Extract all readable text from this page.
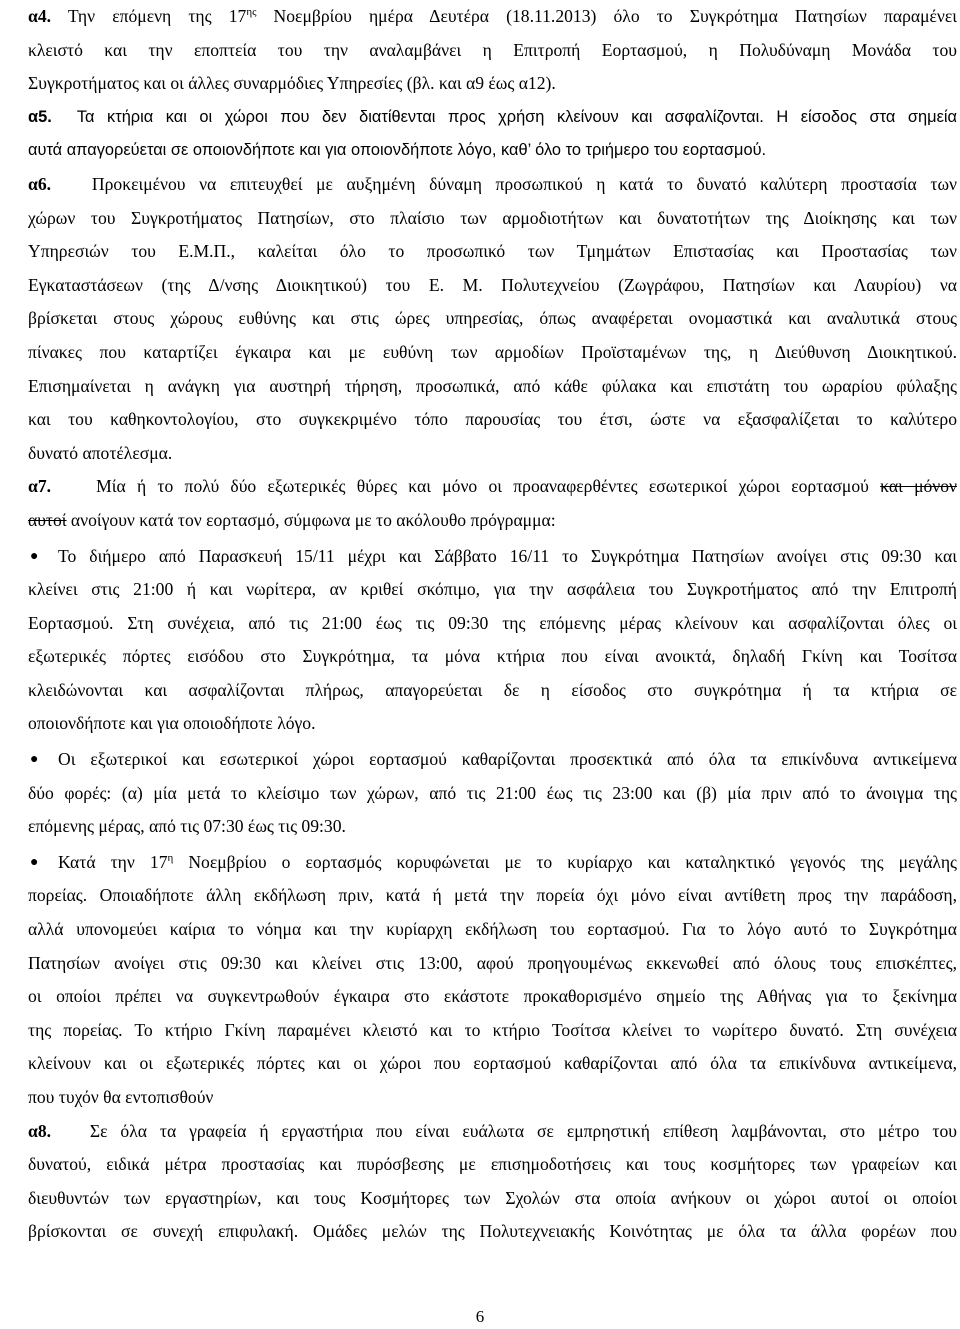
α4. Την επόμενη της $17^{\eta\varsigma}$ Νοεμβρίου ημέρα Δευτέρα (18.11.2013) όλο το Συγκρότημα Πατησίων παραμένει
κλειστό και την εποπτεία του την αναλαμβάνει η Επιτροπή Εορτασμού, η Πολυδύναμη Μονάδα του
Συγκροτήματος και οι άλλες συναρμόδιες Υπηρεσίες (βλ. και α9 έως α12).
α5. Τα κτήρια και οι χώροι που δεν διατίθενται προς χρήση κλείνουν και ασφαλίζονται. Η είσοδος στα σημεία
αυτά απαγορεύεται σε οποιονδήποτε και για οποιονδήποτε λόγο, καθ’ όλο το τριήμερο του εορτασμού.
α6. Προκειμένου να επιτευχθεί με αυξημένη δύναμη προσωπικού η κατά το δυνατό καλύτερη προστασία των
χώρων του Συγκροτήματος Πατησίων, στο πλαίσιο των αρμοδιοτήτων και δυνατοτήτων της Διοίκησης και των
Υπηρεσιών του Ε.Μ.Π., καλείται όλο το προσωπικό των Τμημάτων Επιστασίας και Προστασίας των
Εγκαταστάσεων (της Δ/νσης Διοικητικού) του Ε. Μ. Πολυτεχνείου (Ζωγράφου, Πατησίων και Λαυρίου) να
βρίσκεται στους χώρους ευθύνης και στις ώρες υπηρεσίας, όπως αναφέρεται ονομαστικά και αναλυτικά στους
πίνακες που καταρτίζει έγκαιρα και με ευθύνη των αρμοδίων Προϊσταμένων της, η Διεύθυνση Διοικητικού.
Επισημαίνεται η ανάγκη για αυστηρή τήρηση, προσωπικά, από κάθε φύλακα και επιστάτη του ωραρίου φύλαξης
και του καθηκοντολογίου, στο συγκεκριμένο τόπο παρουσίας του έτσι, ώστε να εξασφαλίζεται το καλύτερο
δυνατό αποτέλεσμα.
α7.	Μία ή το πολύ δύο εξωτερικές θύρες και μόνο οι προαναφερθέντες εσωτερικοί χώροι εορτασμού και μόνον
αυτοί ανοίγουν κατά τον εορτασμό, σύμφωνα με το ακόλουθο πρόγραμμα:
● Το διήμερο από Παρασκευή 15/11 μέχρι και Σάββατο 16/11 το Συγκρότημα Πατησίων ανοίγει στις 09:30 και
κλείνει στις 21:00 ή και νωρίτερα, αν κριθεί σκόπιμο, για την ασφάλεια του Συγκροτήματος από την Επιτροπή
Εορτασμού. Στη συνέχεια, από τις 21:00 έως τις 09:30 της επόμενης μέρας κλείνουν και ασφαλίζονται όλες οι
εξωτερικές πόρτες εισόδου στο Συγκρότημα, τα μόνα κτήρια που είναι ανοικτά, δηλαδή Γκίνη και Τοσίτσα
κλειδώνονται και ασφαλίζονται πλήρως, απαγορεύεται δε η είσοδος στο συγκρότημα ή τα κτήρια σε
οποιονδήποτε και για οποιοδήποτε λόγο.
● Οι εξωτερικοί και εσωτερικοί χώροι εορτασμού καθαρίζονται προσεκτικά από όλα τα επικίνδυνα αντικείμενα
δύο φορές: (α) μία μετά το κλείσιμο των χώρων, από τις 21:00 έως τις 23:00 και (β) μία πριν από το άνοιγμα της
επόμενης μέρας, από τις 07:30 έως τις 09:30.
● Κατά την $17^\eta$ Νοεμβρίου ο εορτασμός κορυφώνεται με το κυρίαρχο και καταληκτικό γεγονός της μεγάλης
πορείας. Οποιαδήποτε άλλη εκδήλωση πριν, κατά ή μετά την πορεία όχι μόνο είναι αντίθετη προς την παράδοση,
αλλά υπονομεύει καίρια το νόημα και την κυρίαρχη εκδήλωση του εορτασμού. Για το λόγο αυτό το Συγκρότημα
Πατησίων ανοίγει στις 09:30 και κλείνει στις 13:00, αφού προηγουμένως εκκενωθεί από όλους τους επισκέπτες,
οι οποίοι πρέπει να συγκεντρωθούν έγκαιρα στο εκάστοτε προκαθορισμένο σημείο της Αθήνας για το ξεκίνημα
της πορείας. Το κτήριο Γκίνη παραμένει κλειστό και το κτήριο Τοσίτσα κλείνει το νωρίτερο δυνατό. Στη συνέχεια
κλείνουν και οι εξωτερικές πόρτες και οι χώροι που εορτασμού καθαρίζονται από όλα τα επικίνδυνα αντικείμενα,
που τυχόν θα εντοπισθούν
α8. Σε όλα τα γραφεία ή εργαστήρια που είναι ευάλωτα σε εμπρηστική επίθεση λαμβάνονται, στο μέτρο του
δυνατού, ειδικά μέτρα προστασίας και πυρόσβεσης με επισημοδοτήσεις και τους κοσμήτορες των γραφείων και
διευθυντών των εργαστηρίων, και τους Κοσμήτορες των Σχολών στα οποία ανήκουν οι χώροι αυτοί οι οποίοι
βρίσκονται σε συνεχή επιφυλακή. Ομάδες μελών της Πολυτεχνειακής Κοινότητας με όλα τα άλλα φορέων που
6
